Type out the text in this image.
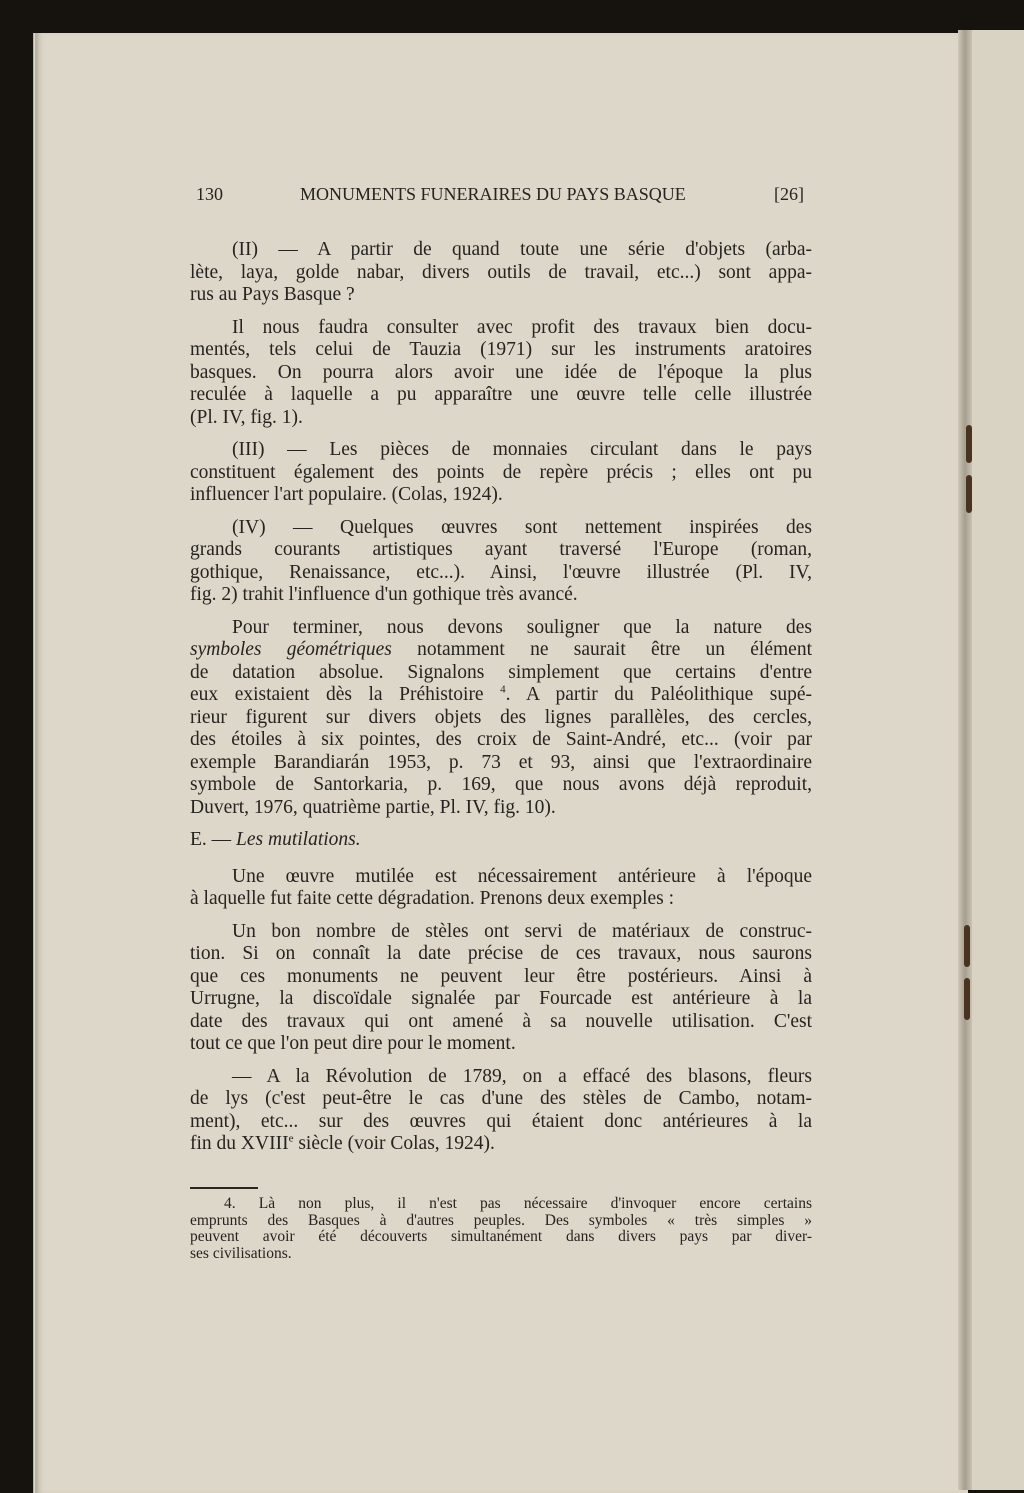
130	MONUMENTS FUNERAIRES DU PAYS BASQUE	[26]
(II) — A partir de quand toute une série d'objets (arba-
lète, laya, golde nabar, divers outils de travail, etc...) sont appa-
rus au Pays Basque ?
Il nous faudra consulter avec profit des travaux bien docu-
mentés, tels celui de Tauzia (1971) sur les instruments aratoires
basques. On pourra alors avoir une idée de l'époque la plus
reculée à laquelle a pu apparaître une œuvre telle celle illustrée
(Pl. IV, fig. 1).
(III) — Les pièces de monnaies circulant dans le pays
constituent également des points de repère précis ; elles ont pu
influencer l'art populaire. (Colas, 1924).
(IV) — Quelques œuvres sont nettement inspirées des
grands courants artistiques ayant traversé l'Europe (roman,
gothique, Renaissance, etc...). Ainsi, l'œuvre illustrée (Pl. IV,
fig. 2) trahit l'influence d'un gothique très avancé.
Pour terminer, nous devons souligner que la nature des
symboles géométriques notamment ne saurait être un élément
de datation absolue. Signalons simplement que certains d'entre
eux existaient dès la Préhistoire $^4$. A partir du Paléolithique supé-
rieur figurent sur divers objets des lignes parallèles, des cercles,
des étoiles à six pointes, des croix de Saint-André, etc... (voir par
exemple Barandiarán 1953, p. 73 et 93, ainsi que l'extraordinaire
symbole de Santorkaria, p. 169, que nous avons déjà reproduit,
Duvert, 1976, quatrième partie, Pl. IV, fig. 10).
E. — Les mutilations.
Une œuvre mutilée est nécessairement antérieure à l'époque
à laquelle fut faite cette dégradation. Prenons deux exemples :
Un bon nombre de stèles ont servi de matériaux de construc-
tion. Si on connaît la date précise de ces travaux, nous saurons
que ces monuments ne peuvent leur être postérieurs. Ainsi à
Urrugne, la discoïdale signalée par Fourcade est antérieure à la
date des travaux qui ont amené à sa nouvelle utilisation. C'est
tout ce que l'on peut dire pour le moment.
— A la Révolution de 1789, on a effacé des blasons, fleurs
de lys (c'est peut-être le cas d'une des stèles de Cambo, notam-
ment), etc... sur des œuvres qui étaient donc antérieures à la
fin du XVIIIe siècle (voir Colas, 1924).
4. Là non plus, il n'est pas nécessaire d'invoquer encore certains
emprunts des Basques à d'autres peuples. Des symboles « très simples »
peuvent avoir été découverts simultanément dans divers pays par diver-
ses civilisations.
